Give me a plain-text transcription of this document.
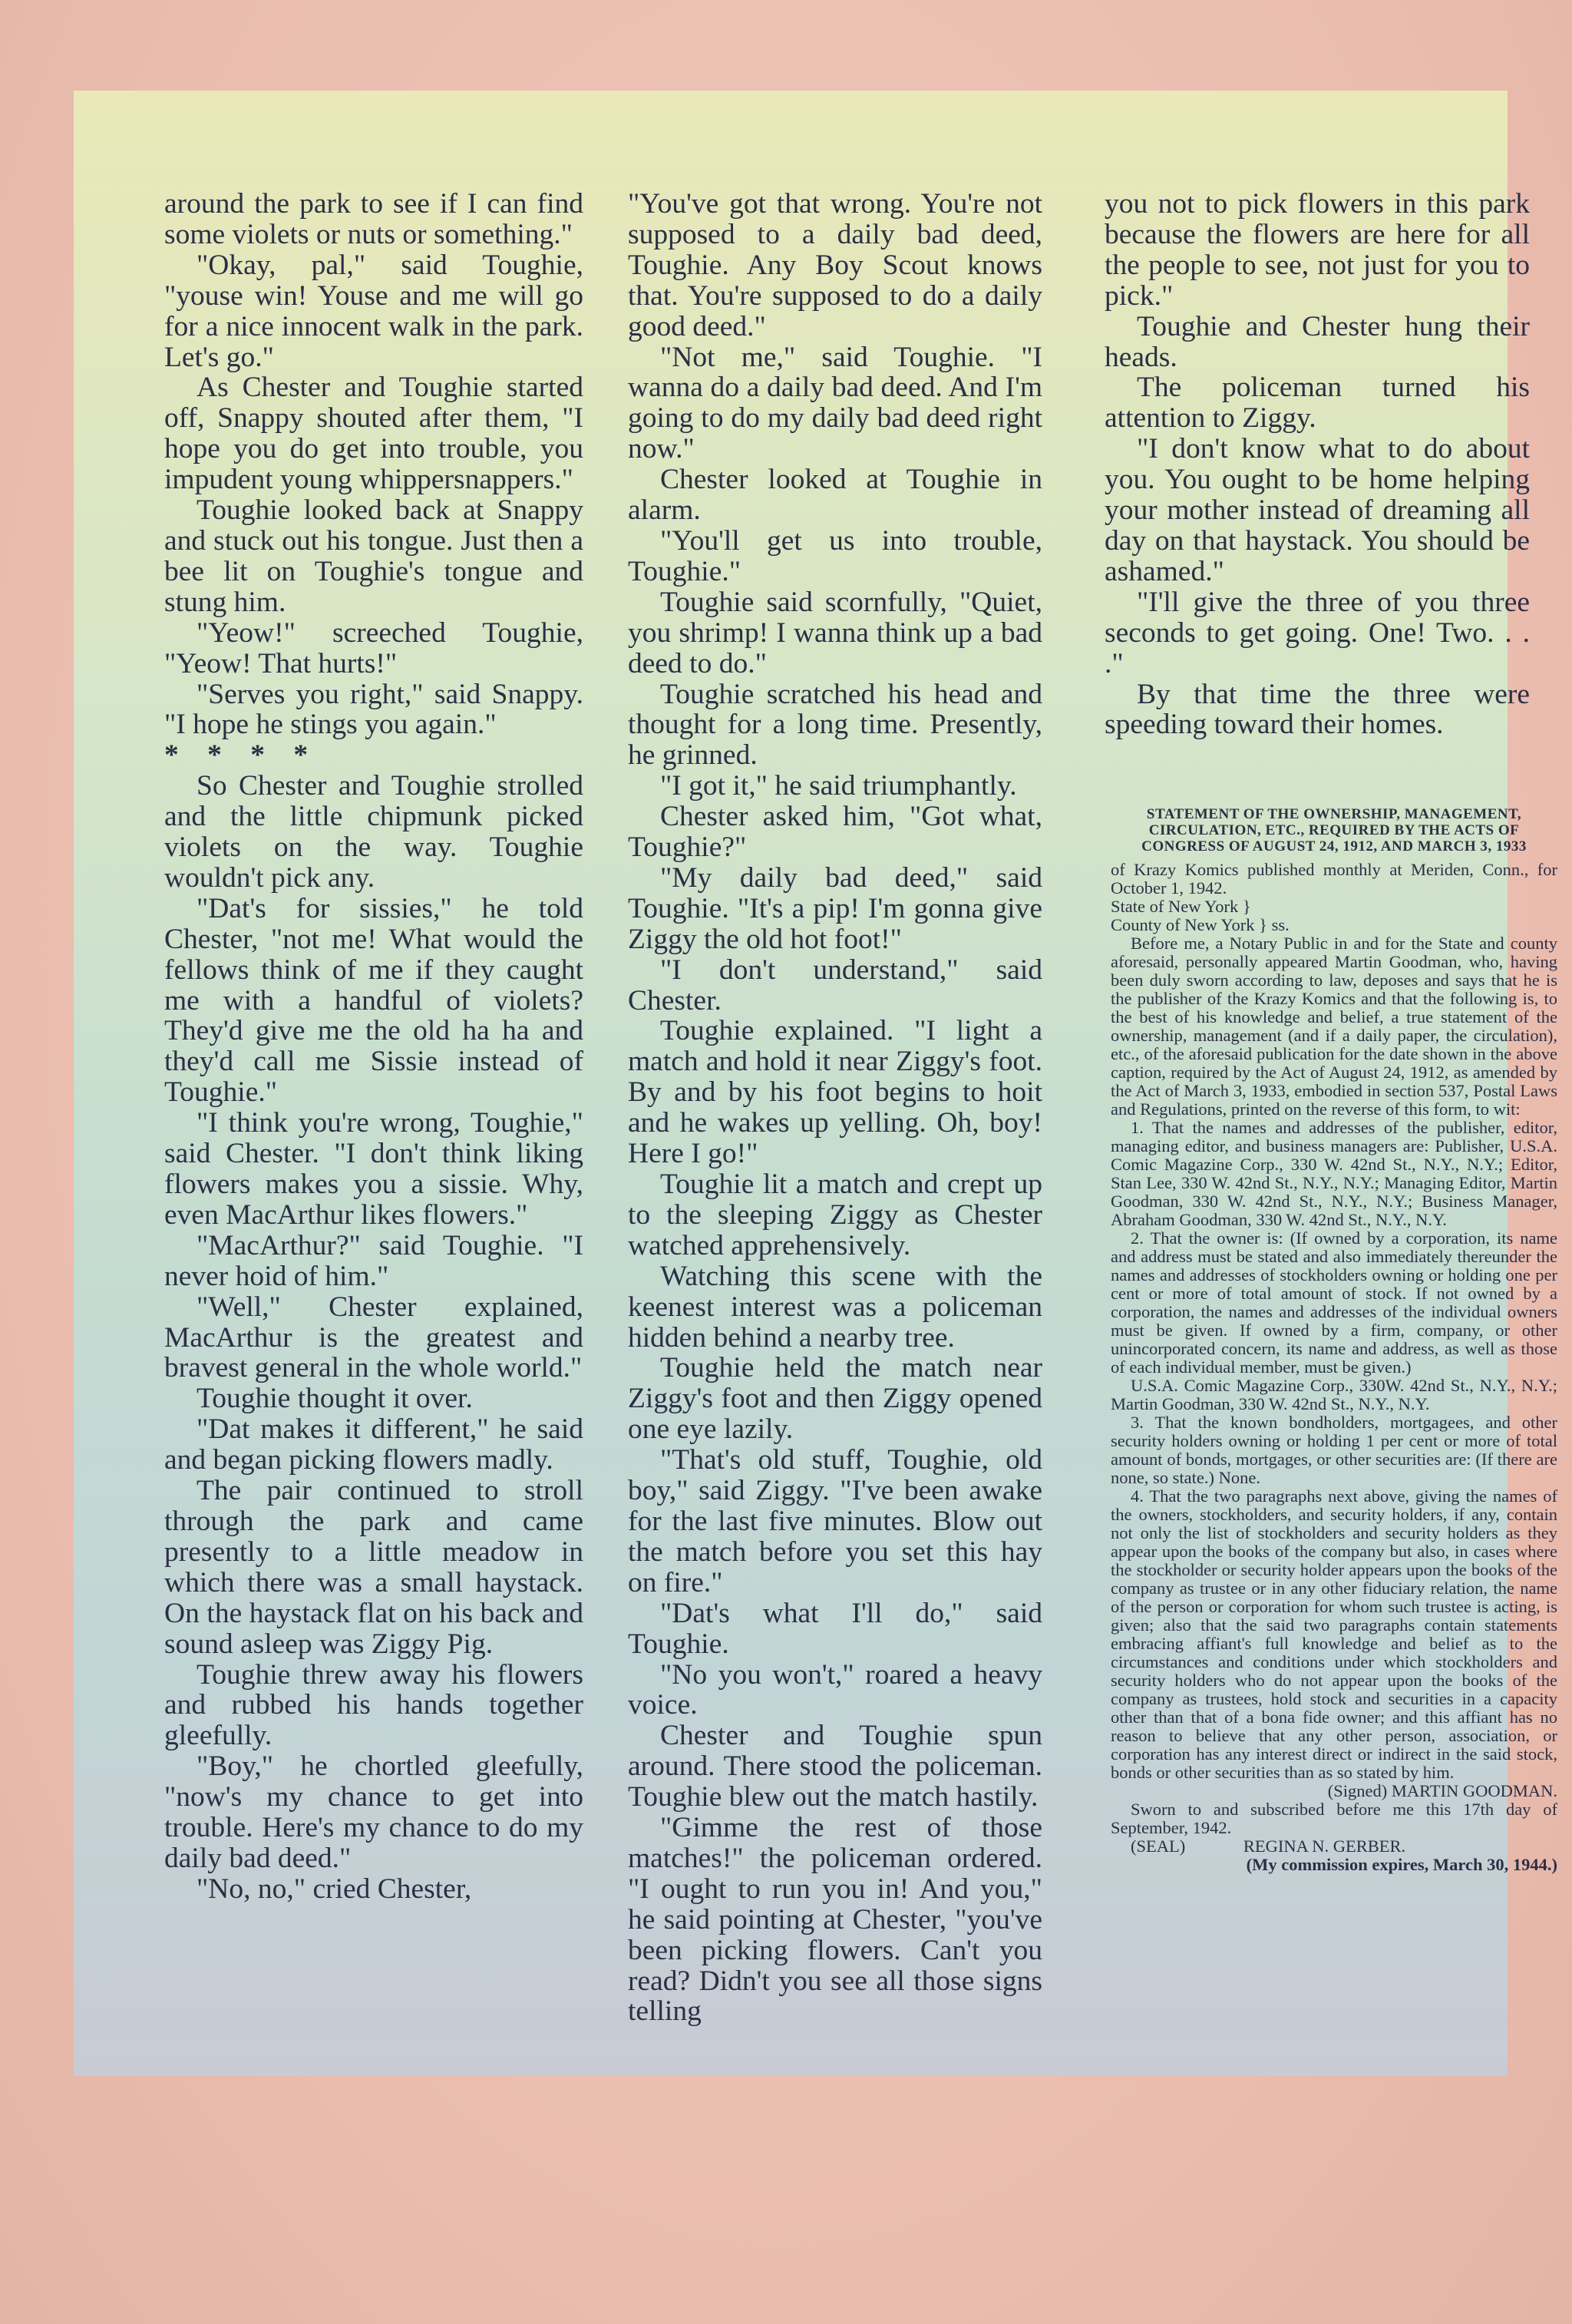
around the park to see if I can find some violets or nuts or something."

"Okay, pal," said Toughie, "youse win! Youse and me will go for a nice innocent walk in the park. Let's go."

As Chester and Toughie started off, Snappy shouted after them, "I hope you do get into trouble, you impudent young whippersnappers."

Toughie looked back at Snappy and stuck out his tongue. Just then a bee lit on Toughie's tongue and stung him.

"Yeow!" screeched Toughie, "Yeow! That hurts!"

"Serves you right," said Snappy. "I hope he stings you again."

* * * *

So Chester and Toughie strolled and the little chipmunk picked violets on the way. Toughie wouldn't pick any.

"Dat's for sissies," he told Chester, "not me! What would the fellows think of me if they caught me with a handful of violets? They'd give me the old ha ha and they'd call me Sissie instead of Toughie."

"I think you're wrong, Toughie," said Chester. "I don't think liking flowers makes you a sissie. Why, even MacArthur likes flowers."

"MacArthur?" said Toughie. "I never hoid of him."

"Well," Chester explained, MacArthur is the greatest and bravest general in the whole world."

Toughie thought it over.

"Dat makes it different," he said and began picking flowers madly.

The pair continued to stroll through the park and came presently to a little meadow in which there was a small haystack. On the haystack flat on his back and sound asleep was Ziggy Pig.

Toughie threw away his flowers and rubbed his hands together gleefully.

"Boy," he chortled gleefully, "now's my chance to get into trouble. Here's my chance to do my daily bad deed."

"No, no," cried Chester,

"You've got that wrong. You're not supposed to a daily bad deed, Toughie. Any Boy Scout knows that. You're supposed to do a daily good deed."

"Not me," said Toughie. "I wanna do a daily bad deed. And I'm going to do my daily bad deed right now."

Chester looked at Toughie in alarm.

"You'll get us into trouble, Toughie."

Toughie said scornfully, "Quiet, you shrimp! I wanna think up a bad deed to do."

Toughie scratched his head and thought for a long time. Presently, he grinned.

"I got it," he said triumphantly.

Chester asked him, "Got what, Toughie?"

"My daily bad deed," said Toughie. "It's a pip! I'm gonna give Ziggy the old hot foot!"

"I don't understand," said Chester.

Toughie explained. "I light a match and hold it near Ziggy's foot. By and by his foot begins to hoit and he wakes up yelling. Oh, boy! Here I go!"

Toughie lit a match and crept up to the sleeping Ziggy as Chester watched apprehensively.

Watching this scene with the keenest interest was a policeman hidden behind a nearby tree.

Toughie held the match near Ziggy's foot and then Ziggy opened one eye lazily.

"That's old stuff, Toughie, old boy," said Ziggy. "I've been awake for the last five minutes. Blow out the match before you set this hay on fire."

"Dat's what I'll do," said Toughie.

"No you won't," roared a heavy voice.

Chester and Toughie spun around. There stood the policeman. Toughie blew out the match hastily.

"Gimme the rest of those matches!" the policeman ordered. "I ought to run you in! And you," he said pointing at Chester, "you've been picking flowers. Can't you read? Didn't you see all those signs telling

you not to pick flowers in this park because the flowers are here for all the people to see, not just for you to pick."

Toughie and Chester hung their heads.

The policeman turned his attention to Ziggy.

"I don't know what to do about you. You ought to be home helping your mother instead of dreaming all day on that haystack. You should be ashamed."

"I'll give the three of you three seconds to get going. One! Two. . . ."

By that time the three were speeding toward their homes.

STATEMENT OF THE OWNERSHIP, MANAGEMENT, CIRCULATION, ETC., REQUIRED BY THE ACTS OF CONGRESS OF AUGUST 24, 1912, AND MARCH 3, 1933

of Krazy Komics published monthly at Meriden, Conn., for October 1, 1942.

State of New York }

County of New York } ss.

Before me, a Notary Public in and for the State and county aforesaid, personally appeared Martin Goodman, who, having been duly sworn according to law, deposes and says that he is the publisher of the Krazy Komics and that the following is, to the best of his knowledge and belief, a true statement of the ownership, management (and if a daily paper, the circulation), etc., of the aforesaid publication for the date shown in the above caption, required by the Act of August 24, 1912, as amended by the Act of March 3, 1933, embodied in section 537, Postal Laws and Regulations, printed on the reverse of this form, to wit:

1. That the names and addresses of the publisher, editor, managing editor, and business managers are: Publisher, U.S.A. Comic Magazine Corp., 330 W. 42nd St., N.Y., N.Y.; Editor, Stan Lee, 330 W. 42nd St., N.Y., N.Y.; Managing Editor, Martin Goodman, 330 W. 42nd St., N.Y., N.Y.; Business Manager, Abraham Goodman, 330 W. 42nd St., N.Y., N.Y.

2. That the owner is: (If owned by a corporation, its name and address must be stated and also immediately thereunder the names and addresses of stockholders owning or holding one per cent or more of total amount of stock. If not owned by a corporation, the names and addresses of the individual owners must be given. If owned by a firm, company, or other unincorporated concern, its name and address, as well as those of each individual member, must be given.)

U.S.A. Comic Magazine Corp., 330W. 42nd St., N.Y., N.Y.; Martin Goodman, 330 W. 42nd St., N.Y., N.Y.

3. That the known bondholders, mortgagees, and other security holders owning or holding 1 per cent or more of total amount of bonds, mortgages, or other securities are: (If there are none, so state.) None.

4. That the two paragraphs next above, giving the names of the owners, stockholders, and security holders, if any, contain not only the list of stockholders and security holders as they appear upon the books of the company but also, in cases where the stockholder or security holder appears upon the books of the company as trustee or in any other fiduciary relation, the name of the person or corporation for whom such trustee is acting, is given; also that the said two paragraphs contain statements embracing affiant's full knowledge and belief as to the circumstances and conditions under which stockholders and security holders who do not appear upon the books of the company as trustees, hold stock and securities in a capacity other than that of a bona fide owner; and this affiant has no reason to believe that any other person, association, or corporation has any interest direct or indirect in the said stock, bonds or other securities than as so stated by him.

(Signed) MARTIN GOODMAN.

Sworn to and subscribed before me this 17th day of September, 1942.

(SEAL)	REGINA N. GERBER.

(My commission expires, March 30, 1944.)
